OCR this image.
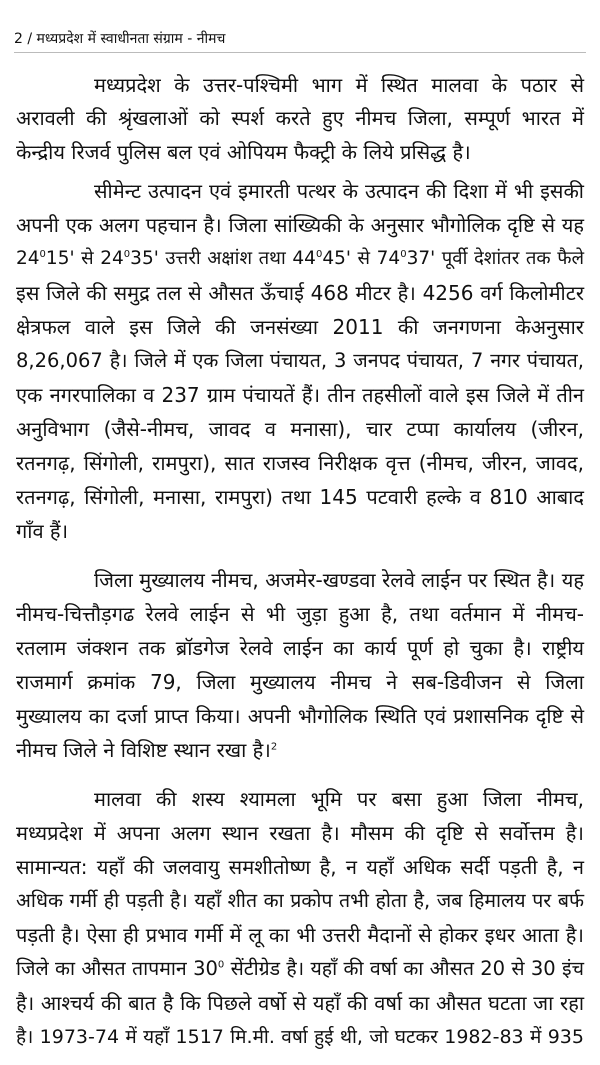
2 / मध्यप्रदेश में स्वाधीनता संग्राम - नीमच
मध्यप्रदेश के उत्तर-पश्चिमी भाग में स्थित मालवा के पठार से
अरावली की श्रृंखलाओं को स्पर्श करते हुए नीमच जिला, सम्पूर्ण भारत में
केन्द्रीय रिजर्व पुलिस बल एवं ओपियम फैक्ट्री के लिये प्रसिद्ध है।
सीमेन्ट उत्पादन एवं इमारती पत्थर के उत्पादन की दिशा में भी इसकी
अपनी एक अलग पहचान है। जिला सांख्यिकी के अनुसार भौगोलिक दृष्टि से यह
$24^015'$ से $24^035'$ उत्तरी अक्षांश तथा $44^045'$ से $74^037'$ पूर्वी देशांतर तक फैले
इस जिले की समुद्र तल से औसत ऊँचाई 468 मीटर है। 4256 वर्ग किलोमीटर
क्षेत्रफल वाले इस जिले की जनसंख्या 2011 की जनगणना केअनुसार
8,26,067 है। जिले में एक जिला पंचायत, 3 जनपद पंचायत, 7 नगर पंचायत,
एक नगरपालिका व 237 ग्राम पंचायतें हैं। तीन तहसीलों वाले इस जिले में तीन
अनुविभाग (जैसे-नीमच, जावद व मनासा), चार टप्पा कार्यालय (जीरन,
रतनगढ़, सिंगोली, रामपुरा), सात राजस्व निरीक्षक वृत्त (नीमच, जीरन, जावद,
रतनगढ़, सिंगोली, मनासा, रामपुरा) तथा 145 पटवारी हल्के व 810 आबाद
गाँव हैं।
जिला मुख्यालय नीमच, अजमेर-खण्डवा रेलवे लाईन पर स्थित है। यह
नीमच-चित्तौड़गढ रेलवे लाईन से भी जुड़ा हुआ है, तथा वर्तमान में नीमच-
रतलाम जंक्शन तक ब्रॉडगेज रेलवे लाईन का कार्य पूर्ण हो चुका है। राष्ट्रीय
राजमार्ग क्रमांक 79, जिला मुख्यालय नीमच ने सब-डिवीजन से जिला
मुख्यालय का दर्जा प्राप्त किया। अपनी भौगोलिक स्थिति एवं प्रशासनिक दृष्टि से
नीमच जिले ने विशिष्ट स्थान रखा है।$^2$
मालवा की शस्य श्यामला भूमि पर बसा हुआ जिला नीमच,
मध्यप्रदेश में अपना अलग स्थान रखता है। मौसम की दृष्टि से सर्वोत्तम है।
सामान्यत: यहाँ की जलवायु समशीतोष्ण है, न यहाँ अधिक सर्दी पड़ती है, न
अधिक गर्मी ही पड़ती है। यहाँ शीत का प्रकोप तभी होता है, जब हिमालय पर बर्फ
पड़ती है। ऐसा ही प्रभाव गर्मी में लू का भी उत्तरी मैदानों से होकर इधर आता है।
जिले का औसत तापमान $30^0$ सेंटीग्रेड है। यहाँ की वर्षा का औसत 20 से 30 इंच
है। आश्चर्य की बात है कि पिछले वर्षो से यहाँ की वर्षा का औसत घटता जा रहा
है। 1973-74 में यहाँ 1517 मि.मी. वर्षा हुई थी, जो घटकर 1982-83 में 935
